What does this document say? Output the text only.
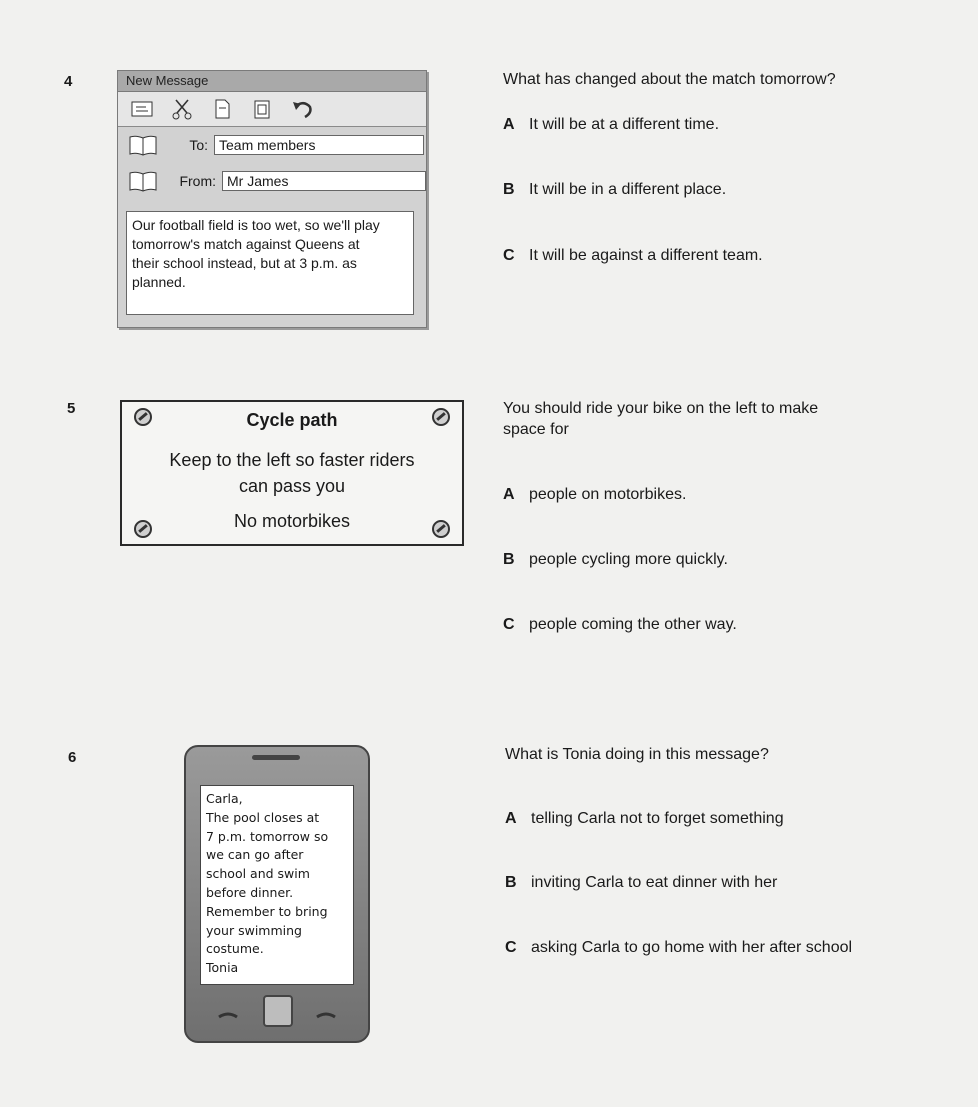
4	New Message
To: Team members
From: Mr James
Our football field is too wet, so we'll play
tomorrow's match against Queens at
their school instead, but at 3 p.m. as
planned.
What has changed about the match tomorrow?
A It will be at a different time.
B It will be in a different place.
C It will be against a different team.
5
Cycle path
Keep to the left so faster riders
can pass you
No motorbikes
You should ride your bike on the left to make
space for
A people on motorbikes.
B people cycling more quickly.
C people coming the other way.
6
Carla,
The pool closes at
7 p.m. tomorrow so
we can go after
school and swim
before dinner.
Remember to bring
your swimming
costume.
Tonia
What is Tonia doing in this message?
A telling Carla not to forget something
B inviting Carla to eat dinner with her
C asking Carla to go home with her after school
